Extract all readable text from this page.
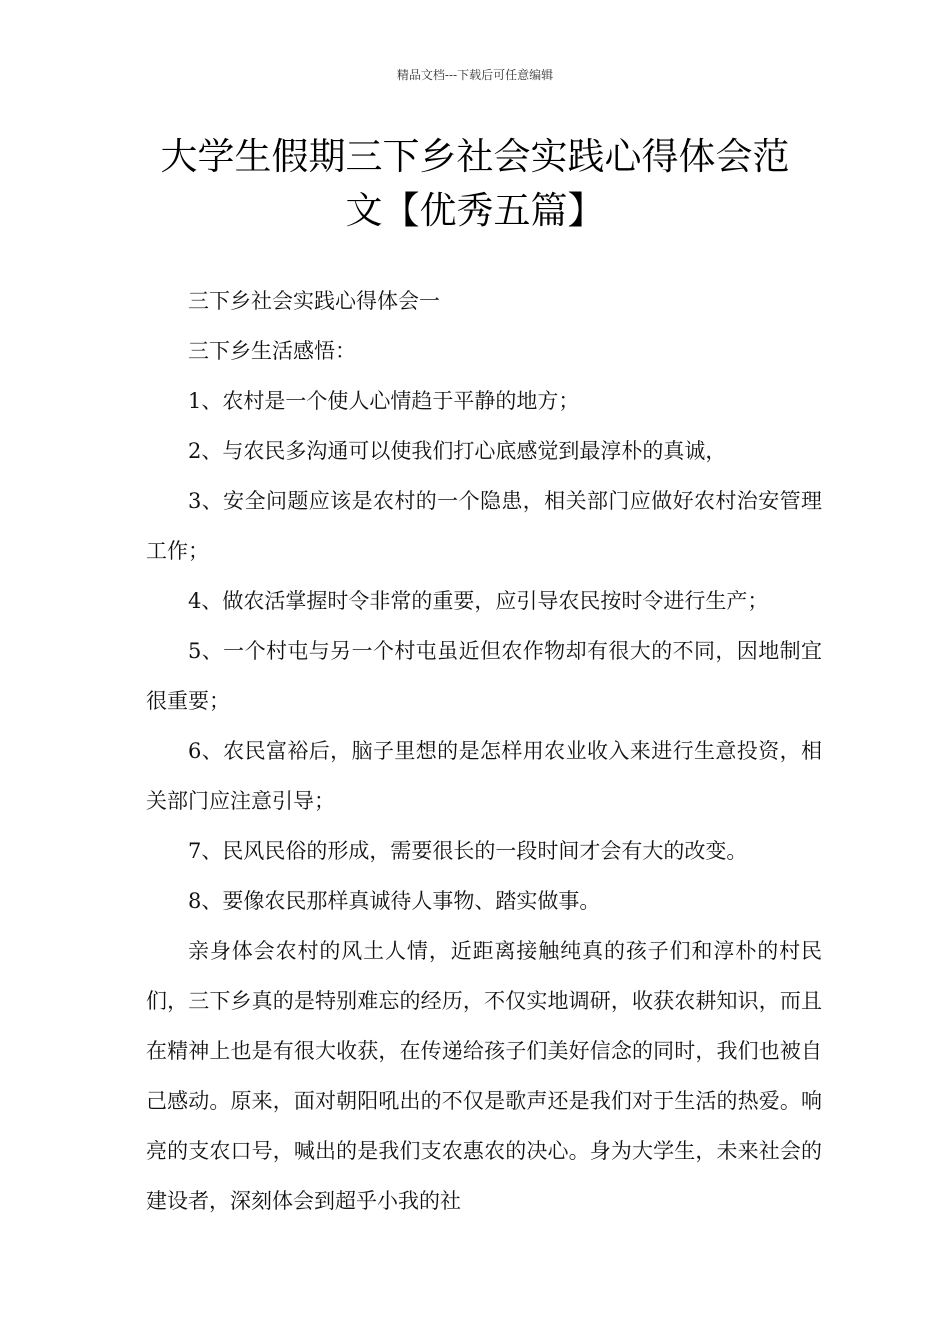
精品文档---下载后可任意编辑
大学生假期三下乡社会实践心得体会范
文【优秀五篇】

三下乡社会实践心得体会一

三下乡生活感悟：

1、农村是一个使人心情趋于平静的地方；

2、与农民多沟通可以使我们打心底感觉到最淳朴的真诚，

3、安全问题应该是农村的一个隐患，相关部门应做好农村治安管理工作；

4、做农活掌握时令非常的重要，应引导农民按时令进行生产；

5、一个村屯与另一个村屯虽近但农作物却有很大的不同，因地制宜很重要；

6、农民富裕后，脑子里想的是怎样用农业收入来进行生意投资，相关部门应注意引导；

7、民风民俗的形成，需要很长的一段时间才会有大的改变。

8、要像农民那样真诚待人事物、踏实做事。

亲身体会农村的风土人情，近距离接触纯真的孩子们和淳朴的村民们，三下乡真的是特别难忘的经历，不仅实地调研，收获农耕知识，而且在精神上也是有很大收获，在传递给孩子们美好信念的同时，我们也被自己感动。原来，面对朝阳吼出的不仅是歌声还是我们对于生活的热爱。响亮的支农口号，喊出的是我们支农惠农的决心。身为大学生，未来社会的建设者，深刻体会到超乎小我的社
